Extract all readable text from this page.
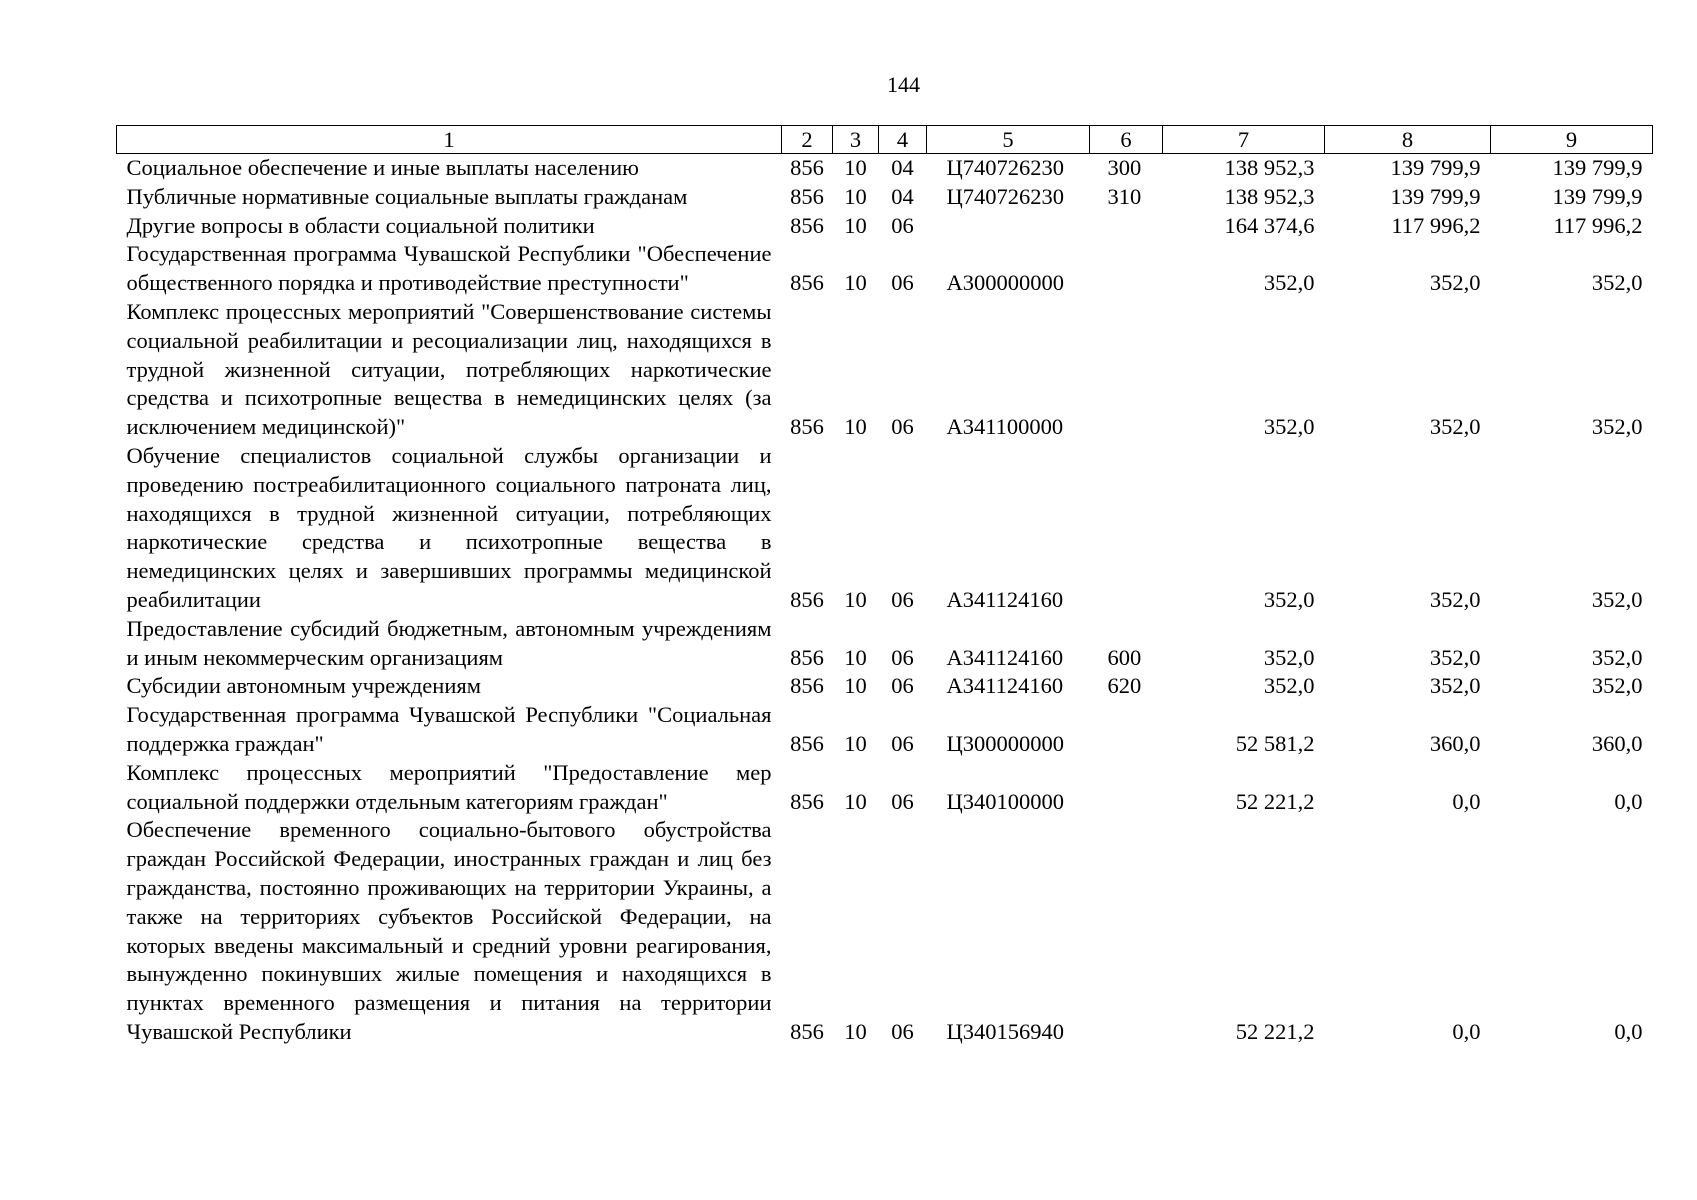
144
1	2	3	4	5	6	7	8	9
Социальное обеспечение и иные выплаты населению	856	10	04	Ц740726230	300	138 952,3	139 799,9	139 799,9
Публичные нормативные социальные выплаты гражданам	856	10	04	Ц740726230	310	138 952,3	139 799,9	139 799,9
Другие вопросы в области социальной политики	856	10	06			164 374,6	117 996,2	117 996,2
Государственная программа Чувашской Республики "Обеспечение общественного порядка и противодействие преступности"	856	10	06	А300000000		352,0	352,0	352,0
Комплекс процессных мероприятий "Совершенствование системы социальной реабилитации и ресоциализации лиц, находящихся в трудной жизненной ситуации, потребляющих наркотические средства и психотропные вещества в немедицинских целях (за исключением медицинской)"	856	10	06	А341100000		352,0	352,0	352,0
Обучение специалистов социальной службы организации и проведению постреабилитационного социального патроната лиц, находящихся в трудной жизненной ситуации, потребляющих наркотические средства и психотропные вещества в немедицинских целях и завершивших программы медицинской реабилитации	856	10	06	А341124160		352,0	352,0	352,0
Предоставление субсидий бюджетным, автономным учреждениям и иным некоммерческим организациям	856	10	06	А341124160	600	352,0	352,0	352,0
Субсидии автономным учреждениям	856	10	06	А341124160	620	352,0	352,0	352,0
Государственная программа Чувашской Республики "Социальная поддержка граждан"	856	10	06	Ц300000000		52 581,2	360,0	360,0
Комплекс процессных мероприятий "Предоставление мер социальной поддержки отдельным категориям граждан"	856	10	06	Ц340100000		52 221,2	0,0	0,0
Обеспечение временного социально-бытового обустройства граждан Российской Федерации, иностранных граждан и лиц без гражданства, постоянно проживающих на территории Украины, а также на территориях субъектов Российской Федерации, на которых введены максимальный и средний уровни реагирования, вынужденно покинувших жилые помещения и находящихся в пунктах временного размещения и питания на территории Чувашской Республики	856	10	06	Ц340156940		52 221,2	0,0	0,0
